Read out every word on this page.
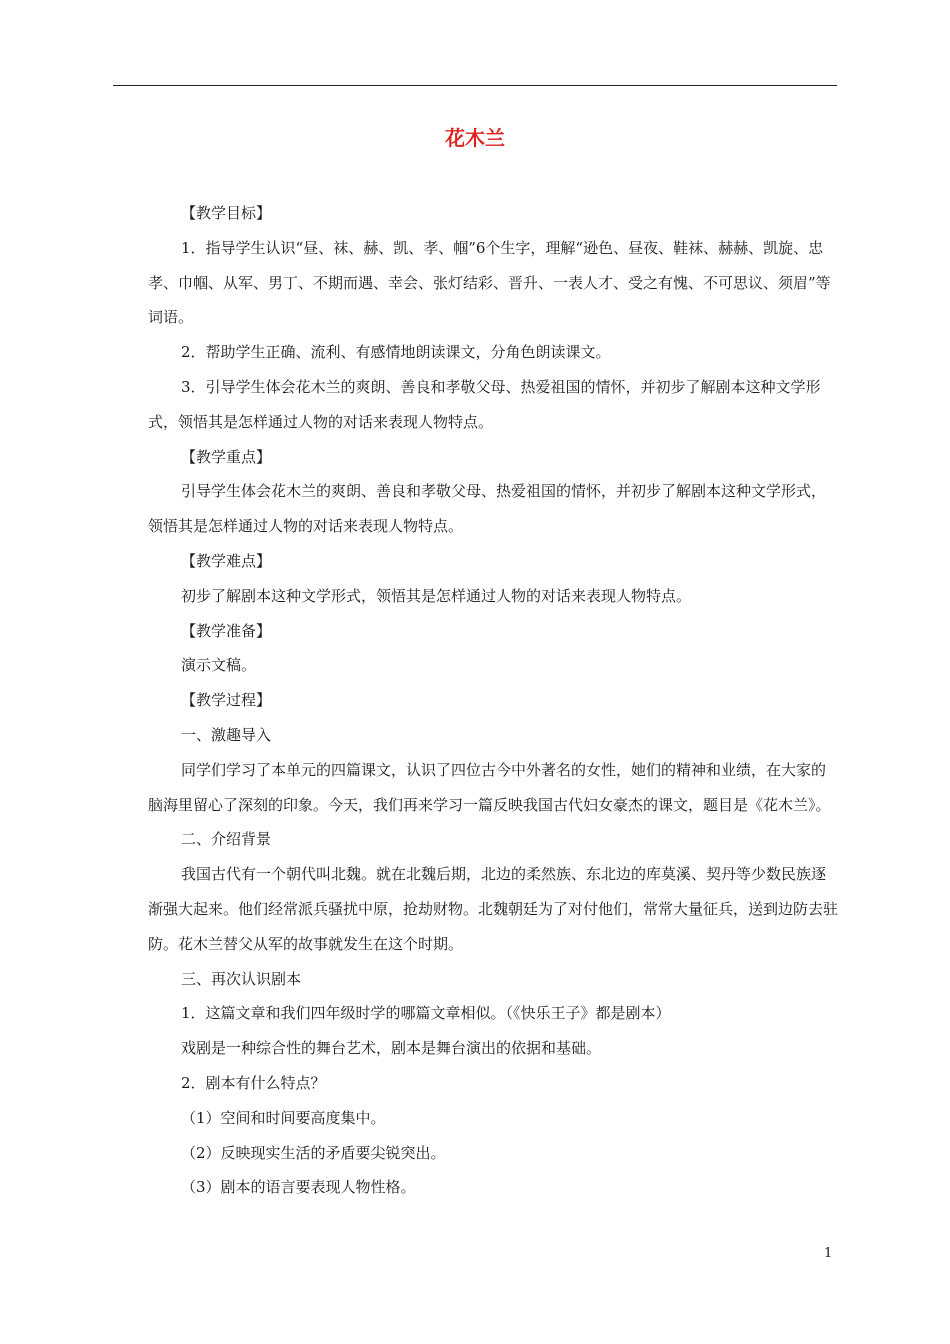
花木兰

【教学目标】

1．指导学生认识“昼、袜、赫、凯、孝、帼”6个生字，理解“逊色、昼夜、鞋袜、赫赫、凯旋、忠孝、巾帼、从军、男丁、不期而遇、幸会、张灯结彩、晋升、一表人才、受之有愧、不可思议、须眉”等词语。

2．帮助学生正确、流利、有感情地朗读课文，分角色朗读课文。

3．引导学生体会花木兰的爽朗、善良和孝敬父母、热爱祖国的情怀，并初步了解剧本这种文学形式，领悟其是怎样通过人物的对话来表现人物特点。

【教学重点】

引导学生体会花木兰的爽朗、善良和孝敬父母、热爱祖国的情怀，并初步了解剧本这种文学形式，领悟其是怎样通过人物的对话来表现人物特点。

【教学难点】

初步了解剧本这种文学形式，领悟其是怎样通过人物的对话来表现人物特点。

【教学准备】

演示文稿。

【教学过程】

一、激趣导入

同学们学习了本单元的四篇课文，认识了四位古今中外著名的女性，她们的精神和业绩，在大家的脑海里留心了深刻的印象。今天，我们再来学习一篇反映我国古代妇女豪杰的课文，题目是《花木兰》。

二、介绍背景

我国古代有一个朝代叫北魏。就在北魏后期，北边的柔然族、东北边的库莫溪、契丹等少数民族逐渐强大起来。他们经常派兵骚扰中原，抢劫财物。北魏朝廷为了对付他们，常常大量征兵，送到边防去驻防。花木兰替父从军的故事就发生在这个时期。

三、再次认识剧本

1．这篇文章和我们四年级时学的哪篇文章相似。（《快乐王子》都是剧本）

戏剧是一种综合性的舞台艺术，剧本是舞台演出的依据和基础。

2．剧本有什么特点？

（1）空间和时间要高度集中。

（2）反映现实生活的矛盾要尖锐突出。

（3）剧本的语言要表现人物性格。

1
